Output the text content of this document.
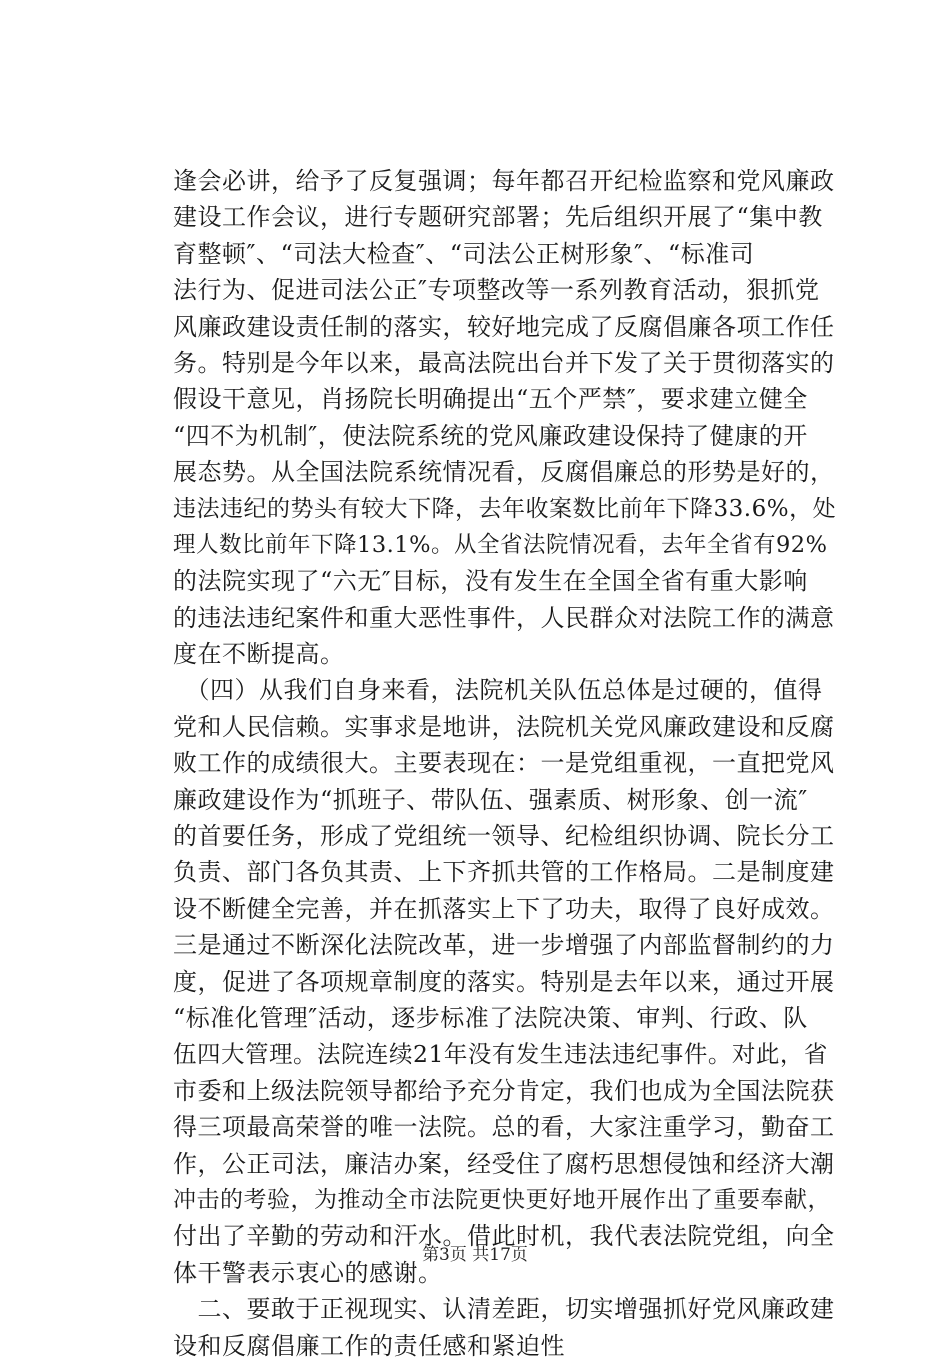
逢会必讲，给予了反复强调；每年都召开纪检监察和党风廉政
建设工作会议，进行专题研究部署；先后组织开展了“集中教
育整顿″、“司法大检查″、“司法公正树形象″、“标准司
法行为、促进司法公正″专项整改等一系列教育活动，狠抓党
风廉政建设责任制的落实，较好地完成了反腐倡廉各项工作任
务。特别是今年以来，最高法院出台并下发了关于贯彻落实的
假设干意见，肖扬院长明确提出“五个严禁″，要求建立健全
“四不为机制″，使法院系统的党风廉政建设保持了健康的开
展态势。从全国法院系统情况看，反腐倡廉总的形势是好的，
违法违纪的势头有较大下降，去年收案数比前年下降33.6%，处
理人数比前年下降13.1%。从全省法院情况看，去年全省有92%
的法院实现了“六无″目标，没有发生在全国全省有重大影响
的违法违纪案件和重大恶性事件，人民群众对法院工作的满意
度在不断提高。
　（四）从我们自身来看，法院机关队伍总体是过硬的，值得
党和人民信赖。实事求是地讲，法院机关党风廉政建设和反腐
败工作的成绩很大。主要表现在：一是党组重视，一直把党风
廉政建设作为“抓班子、带队伍、强素质、树形象、创一流″
的首要任务，形成了党组统一领导、纪检组织协调、院长分工
负责、部门各负其责、上下齐抓共管的工作格局。二是制度建
设不断健全完善，并在抓落实上下了功夫，取得了良好成效。
三是通过不断深化法院改革，进一步增强了内部监督制约的力
度，促进了各项规章制度的落实。特别是去年以来，通过开展
“标准化管理″活动，逐步标准了法院决策、审判、行政、队
伍四大管理。法院连续21年没有发生违法违纪事件。对此，省
市委和上级法院领导都给予充分肯定，我们也成为全国法院获
得三项最高荣誉的唯一法院。总的看，大家注重学习，勤奋工
作，公正司法，廉洁办案，经受住了腐朽思想侵蚀和经济大潮
冲击的考验，为推动全市法院更快更好地开展作出了重要奉献，
付出了辛勤的劳动和汗水。借此时机，我代表法院党组，向全
体干警表示衷心的感谢。
　二、要敢于正视现实、认清差距，切实增强抓好党风廉政建
设和反腐倡廉工作的责任感和紧迫性
第3页 共17页
